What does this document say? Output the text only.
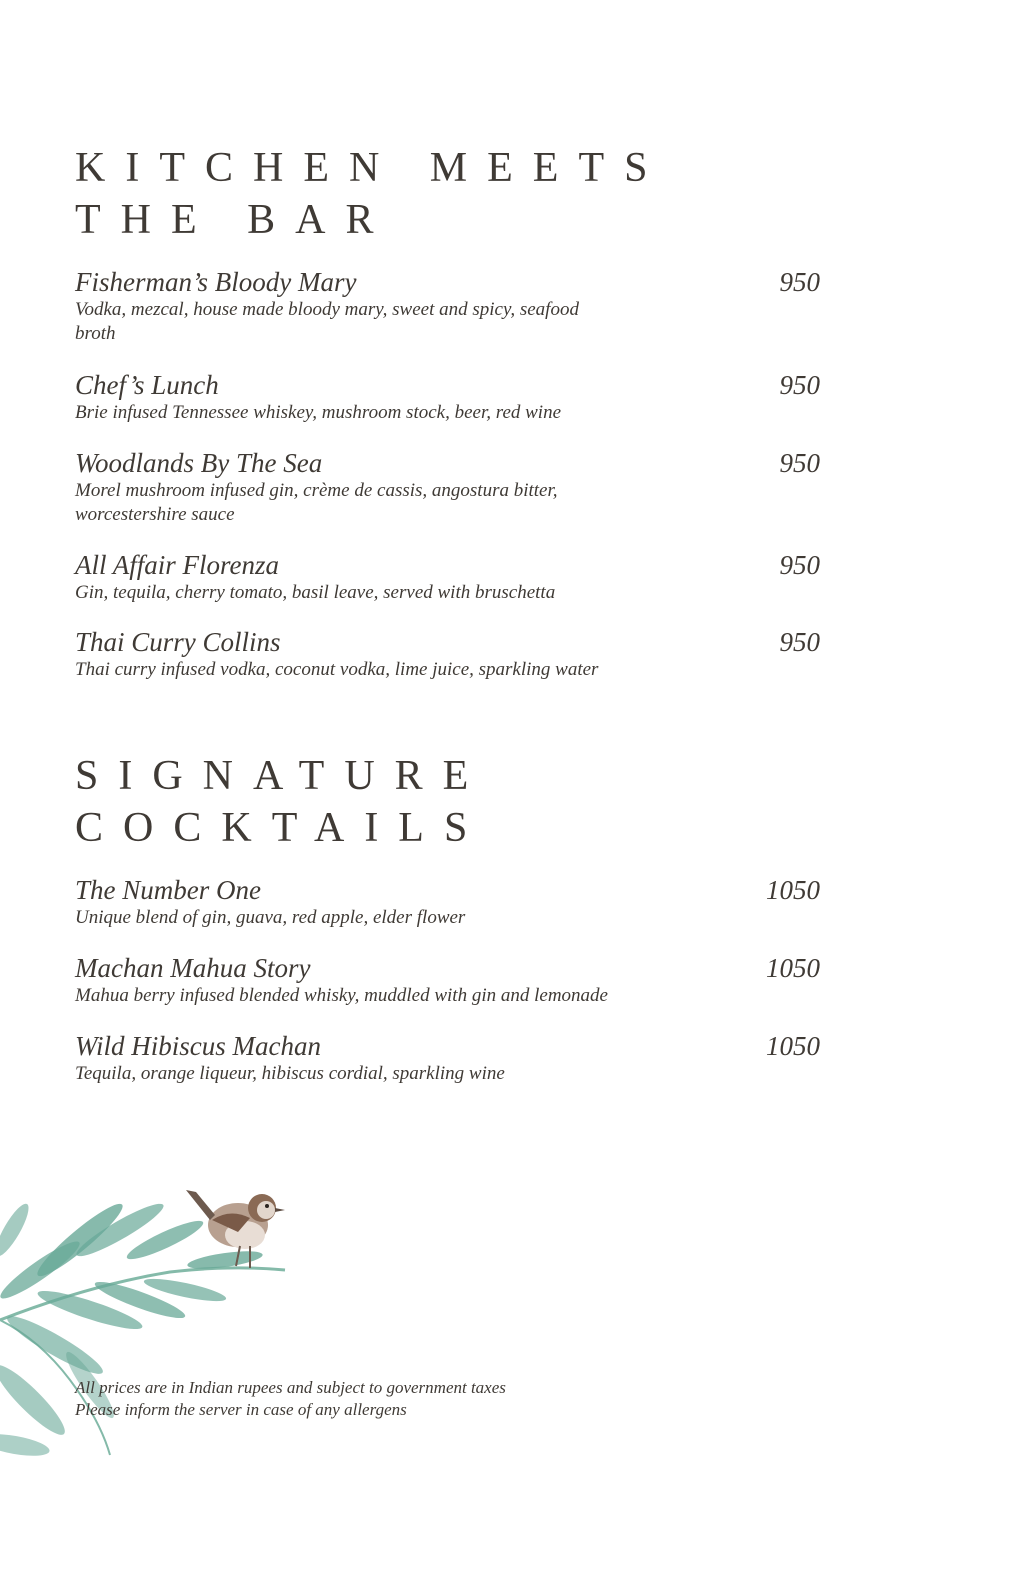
KITCHEN MEETS
THE BAR
Fisherman’s Bloody Mary	950
Vodka, mezcal, house made bloody mary, sweet and spicy, seafood broth
Chef’s Lunch	950
Brie infused Tennessee whiskey, mushroom stock, beer, red wine
Woodlands By The Sea	950
Morel mushroom infused gin, crème de cassis, angostura bitter, worcestershire sauce
All Affair Florenza	950
Gin, tequila, cherry tomato, basil leave, served with bruschetta
Thai Curry Collins	950
Thai curry infused vodka, coconut vodka, lime juice, sparkling water
SIGNATURE
COCKTAILS
The Number One	1050
Unique blend of gin, guava, red apple, elder flower
Machan Mahua Story	1050
Mahua berry infused blended whisky, muddled with gin and lemonade
Wild Hibiscus Machan	1050
Tequila, orange liqueur, hibiscus cordial, sparkling wine
All prices are in Indian rupees and subject to government taxes
Please inform the server in case of any allergens
